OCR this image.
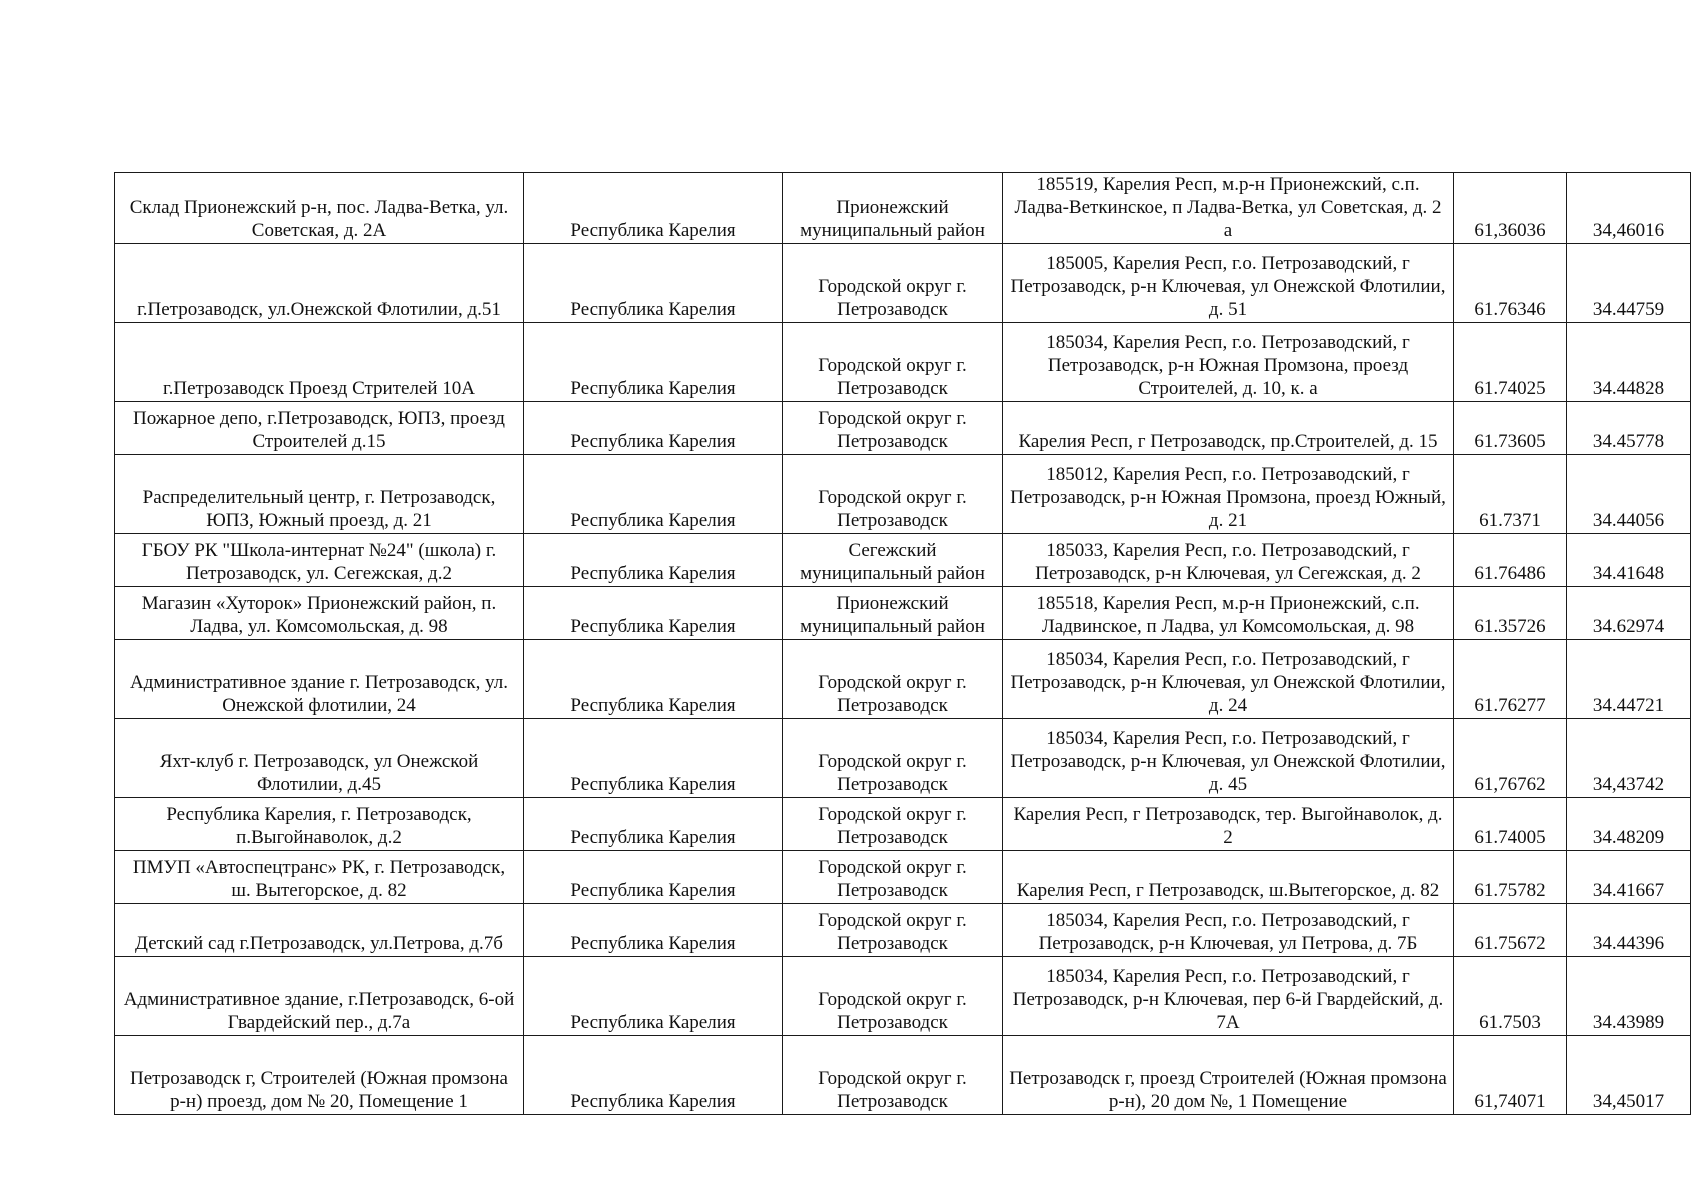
Склад Прионежский р-н, пос. Ладва-Ветка, ул. Советская, д. 2А	Республика Карелия	Прионежский муниципальный район	185519, Карелия Респ, м.р-н Прионежский, с.п. Ладва-Веткинское, п Ладва-Ветка, ул Советская, д. 2 а	61,36036	34,46016
г.Петрозаводск, ул.Онежской Флотилии, д.51	Республика Карелия	Городской округ г. Петрозаводск	185005, Карелия Респ, г.о. Петрозаводский, г Петрозаводск, р-н Ключевая, ул Онежской Флотилии, д. 51	61.76346	34.44759
г.Петрозаводск Проезд Стрителей 10А	Республика Карелия	Городской округ г. Петрозаводск	185034, Карелия Респ, г.о. Петрозаводский, г Петрозаводск, р-н Южная Промзона, проезд Строителей, д. 10, к. а	61.74025	34.44828
Пожарное депо, г.Петрозаводск, ЮПЗ, проезд Строителей д.15	Республика Карелия	Городской округ г. Петрозаводск	Карелия Респ, г Петрозаводск, пр.Строителей, д. 15	61.73605	34.45778
Распределительный центр, г. Петрозаводск, ЮПЗ, Южный проезд, д. 21	Республика Карелия	Городской округ г. Петрозаводск	185012, Карелия Респ, г.о. Петрозаводский, г Петрозаводск, р-н Южная Промзона, проезд Южный, д. 21	61.7371	34.44056
ГБОУ РК "Школа-интернат №24" (школа) г. Петрозаводск, ул. Сегежская, д.2	Республика Карелия	Сегежский муниципальный район	185033, Карелия Респ, г.о. Петрозаводский, г Петрозаводск, р-н Ключевая, ул Сегежская, д. 2	61.76486	34.41648
Магазин «Хуторок» Прионежский район, п. Ладва, ул. Комсомольская, д. 98	Республика Карелия	Прионежский муниципальный район	185518, Карелия Респ, м.р-н Прионежский, с.п. Ладвинское, п Ладва, ул Комсомольская, д. 98	61.35726	34.62974
Административное здание г. Петрозаводск, ул. Онежской флотилии, 24	Республика Карелия	Городской округ г. Петрозаводск	185034, Карелия Респ, г.о. Петрозаводский, г Петрозаводск, р-н Ключевая, ул Онежской Флотилии, д. 24	61.76277	34.44721
Яхт-клуб г. Петрозаводск, ул Онежской Флотилии, д.45	Республика Карелия	Городской округ г. Петрозаводск	185034, Карелия Респ, г.о. Петрозаводский, г Петрозаводск, р-н Ключевая, ул Онежской Флотилии, д. 45	61,76762	34,43742
Республика Карелия, г. Петрозаводск, п.Выгойнаволок, д.2	Республика Карелия	Городской округ г. Петрозаводск	Карелия Респ, г Петрозаводск, тер. Выгойнаволок, д. 2	61.74005	34.48209
ПМУП «Автоспецтранс» РК, г. Петрозаводск, ш. Вытегорское, д. 82	Республика Карелия	Городской округ г. Петрозаводск	Карелия Респ, г Петрозаводск, ш.Вытегорское, д. 82	61.75782	34.41667
Детский сад г.Петрозаводск, ул.Петрова, д.7б	Республика Карелия	Городской округ г. Петрозаводск	185034, Карелия Респ, г.о. Петрозаводский, г Петрозаводск, р-н Ключевая, ул Петрова, д. 7Б	61.75672	34.44396
Административное здание, г.Петрозаводск, 6-ой Гвардейский пер., д.7а	Республика Карелия	Городской округ г. Петрозаводск	185034, Карелия Респ, г.о. Петрозаводский, г Петрозаводск, р-н Ключевая, пер 6-й Гвардейский, д. 7А	61.7503	34.43989
Петрозаводск г, Строителей (Южная промзона р-н) проезд, дом № 20, Помещение 1	Республика Карелия	Городской округ г. Петрозаводск	Петрозаводск г, проезд Строителей (Южная промзона р-н), 20 дом №, 1 Помещение	61,74071	34,45017
